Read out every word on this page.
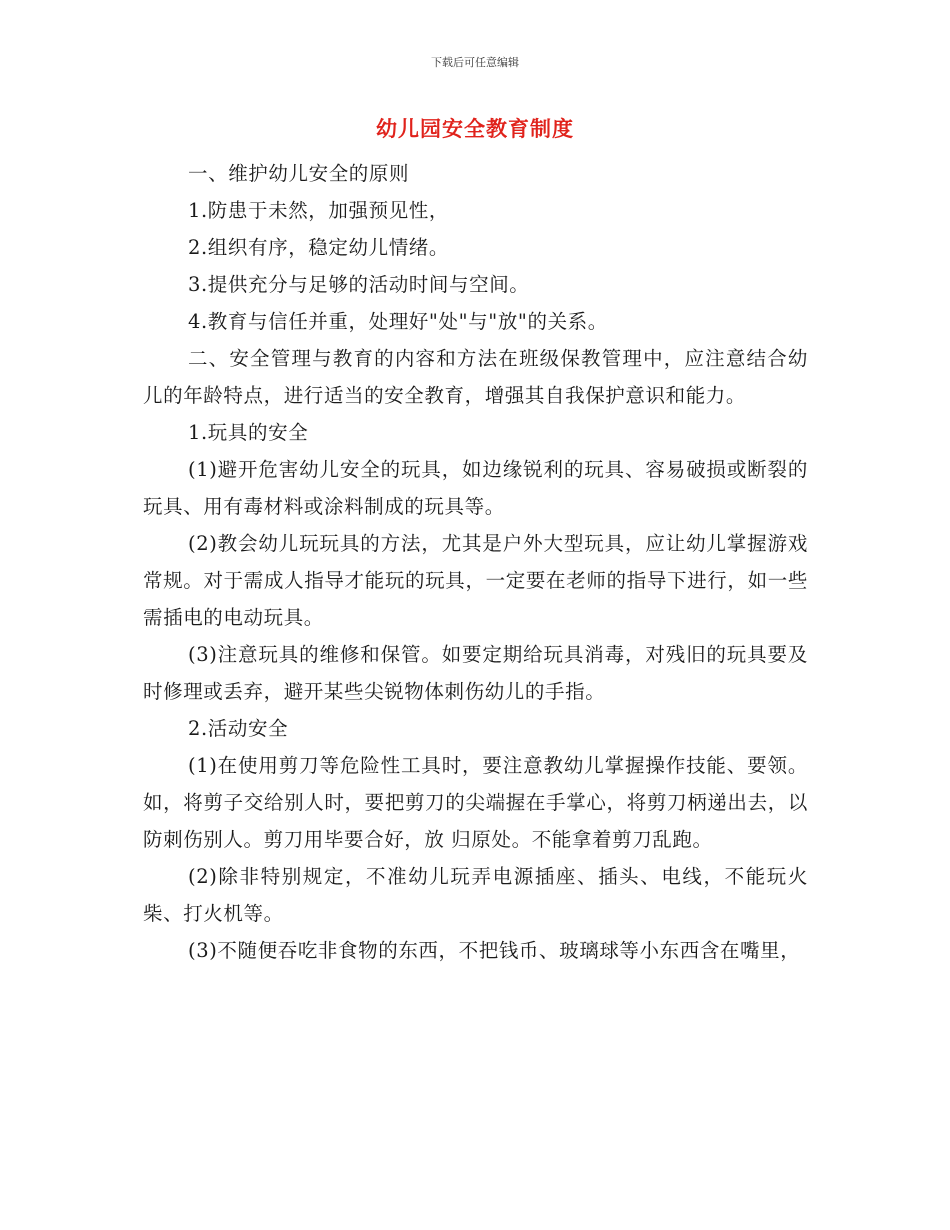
下载后可任意编辑
幼儿园安全教育制度

一、维护幼儿安全的原则

1.防患于未然，加强预见性，

2.组织有序，稳定幼儿情绪。

3.提供充分与足够的活动时间与空间。

4.教育与信任并重，处理好"处"与"放"的关系。

二、安全管理与教育的内容和方法在班级保教管理中，应注意结合幼儿的年龄特点，进行适当的安全教育，增强其自我保护意识和能力。

1.玩具的安全

(1)避开危害幼儿安全的玩具，如边缘锐利的玩具、容易破损或断裂的玩具、用有毒材料或涂料制成的玩具等。

(2)教会幼儿玩玩具的方法，尤其是户外大型玩具，应让幼儿掌握游戏常规。对于需成人指导才能玩的玩具，一定要在老师的指导下进行，如一些需插电的电动玩具。

(3)注意玩具的维修和保管。如要定期给玩具消毒，对残旧的玩具要及时修理或丢弃，避开某些尖锐物体刺伤幼儿的手指。

2.活动安全

(1)在使用剪刀等危险性工具时，要注意教幼儿掌握操作技能、要领。如，将剪子交给别人时，要把剪刀的尖端握在手掌心，将剪刀柄递出去，以防刺伤别人。剪刀用毕要合好，放 归原处。不能拿着剪刀乱跑。

(2)除非特别规定，不准幼儿玩弄电源插座、插头、电线，不能玩火柴、打火机等。

(3)不随便吞吃非食物的东西，不把钱币、玻璃球等小东西含在嘴里，
